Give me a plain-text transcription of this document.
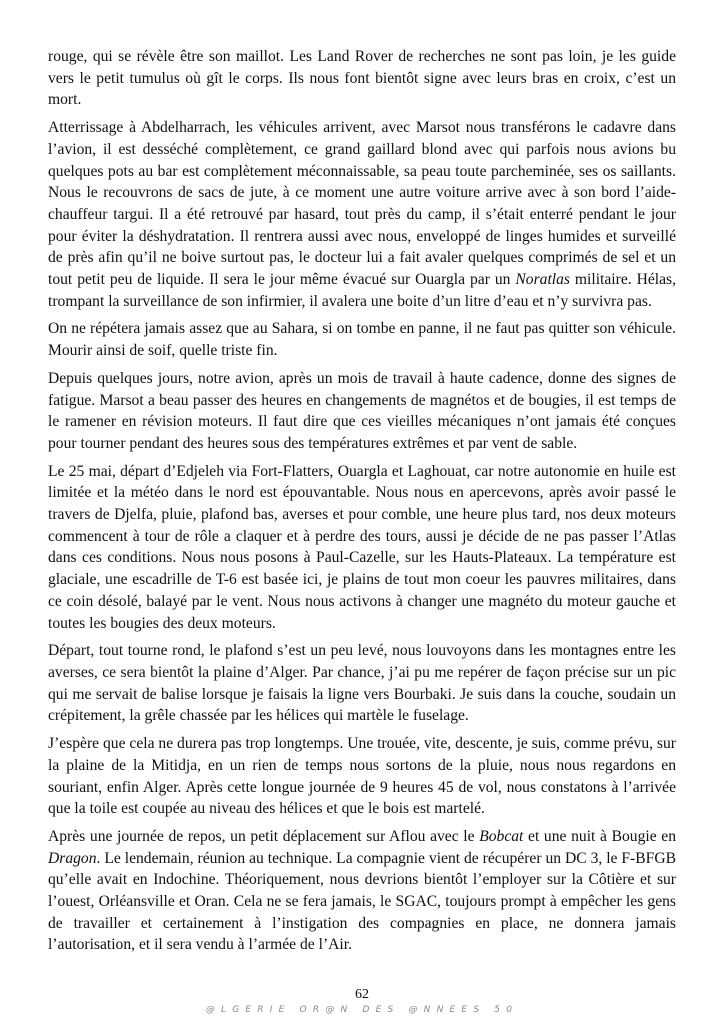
rouge, qui se révèle être son maillot. Les Land Rover de recherches ne sont pas loin, je les guide vers le petit tumulus où gît le corps. Ils nous font bientôt signe avec leurs bras en croix, c’est un mort.

Atterrissage à Abdelharrach, les véhicules arrivent, avec Marsot nous transférons le cadavre dans l’avion, il est desséché complètement, ce grand gaillard blond avec qui parfois nous avions bu quelques pots au bar est complètement méconnaissable, sa peau toute parcheminée, ses os saillants. Nous le recouvrons de sacs de jute, à ce moment une autre voiture arrive avec à son bord l’aide-chauffeur targui. Il a été retrouvé par hasard, tout près du camp, il s’était enterré pendant le jour pour éviter la déshydratation. Il rentrera aussi avec nous, enveloppé de linges humides et surveillé de près afin qu’il ne boive surtout pas, le docteur lui a fait avaler quelques comprimés de sel et un tout petit peu de liquide. Il sera le jour même évacué sur Ouargla par un Noratlas militaire. Hélas, trompant la surveillance de son infirmier, il avalera une boite d’un litre d’eau et n’y survivra pas.

On ne répétera jamais assez que au Sahara, si on tombe en panne, il ne faut pas quitter son véhicule. Mourir ainsi de soif, quelle triste fin.

Depuis quelques jours, notre avion, après un mois de travail à haute cadence, donne des signes de fatigue. Marsot a beau passer des heures en changements de magnétos et de bougies, il est temps de le ramener en révision moteurs. Il faut dire que ces vieilles mécaniques n’ont jamais été conçues pour tourner pendant des heures sous des températures extrêmes et par vent de sable.

Le 25 mai, départ d’Edjeleh via Fort-Flatters, Ouargla et Laghouat, car notre autonomie en huile est limitée et la météo dans le nord est épouvantable. Nous nous en apercevons, après avoir passé le travers de Djelfa, pluie, plafond bas, averses et pour comble, une heure plus tard, nos deux moteurs commencent à tour de rôle a claquer et à perdre des tours, aussi je décide de ne pas passer l’Atlas dans ces conditions. Nous nous posons à Paul-Cazelle, sur les Hauts-Plateaux. La température est glaciale, une escadrille de T-6 est basée ici, je plains de tout mon coeur les pauvres militaires, dans ce coin désolé, balayé par le vent. Nous nous activons à changer une magnéto du moteur gauche et toutes les bougies des deux moteurs.

Départ, tout tourne rond, le plafond s’est un peu levé, nous louvoyons dans les montagnes entre les averses, ce sera bientôt la plaine d’Alger. Par chance, j’ai pu me repérer de façon précise sur un pic qui me servait de balise lorsque je faisais la ligne vers Bourbaki. Je suis dans la couche, soudain un crépitement, la grêle chassée par les hélices qui martèle le fuselage.

J’espère que cela ne durera pas trop longtemps. Une trouée, vite, descente, je suis, comme prévu, sur la plaine de la Mitidja, en un rien de temps nous sortons de la pluie, nous nous regardons en souriant, enfin Alger. Après cette longue journée de 9 heures 45 de vol, nous constatons à l’arrivée que la toile est coupée au niveau des hélices et que le bois est martelé.

Après une journée de repos, un petit déplacement sur Aflou avec le Bobcat et une nuit à Bougie en Dragon. Le lendemain, réunion au technique. La compagnie vient de récupérer un DC 3, le F-BFGB qu’elle avait en Indochine. Théoriquement, nous devrions bientôt l’employer sur la Côtière et sur l’ouest, Orléansville et Oran. Cela ne se fera jamais, le SGAC, toujours prompt à empêcher les gens de travailler et certainement à l’instigation des compagnies en place, ne donnera jamais l’autorisation, et il sera vendu à l’armée de l’Air.

62
@LGERIE OR@N DES @NNEES 50
